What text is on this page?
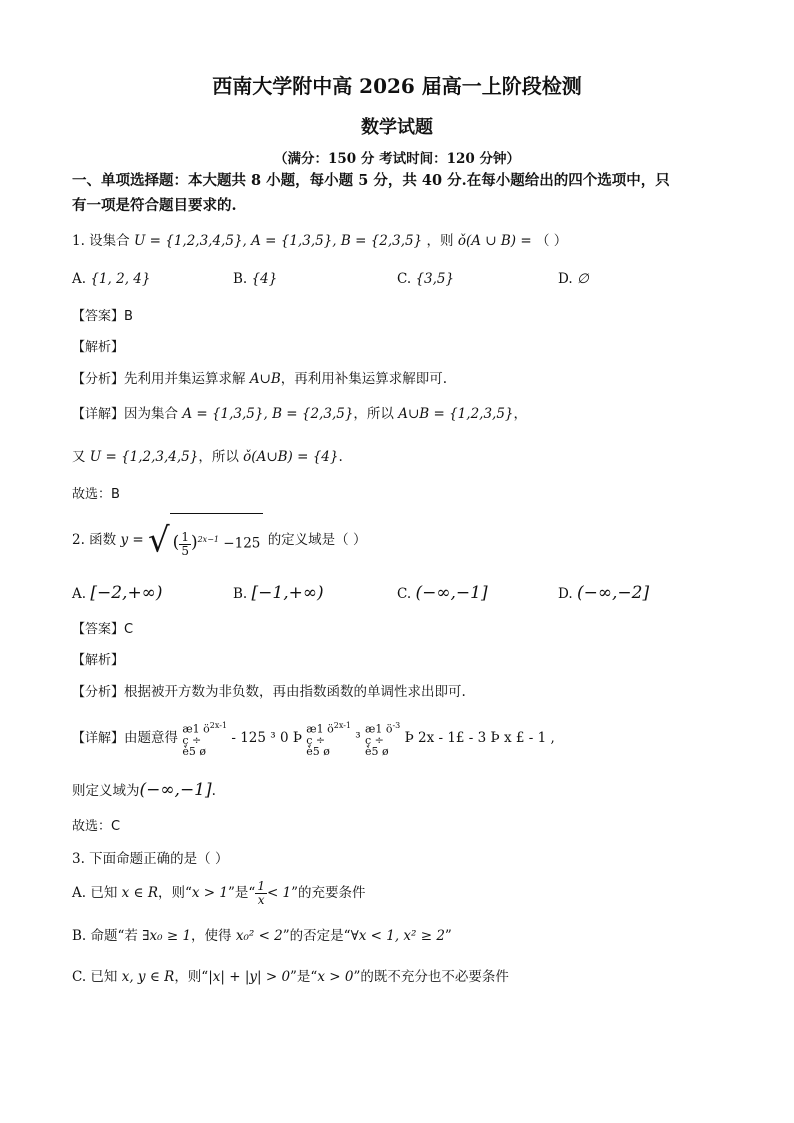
西南大学附中高 2026 届高一上阶段检测
数学试题
（满分：150 分 考试时间：120 分钟）
一、单项选择题：本大题共 8 小题，每小题 5 分，共 40 分.在每小题给出的四个选项中，只
有一项是符合题目要求的.
1. 设集合 U = {1,2,3,4,5}, A = {1,3,5}, B = {2,3,5} ，则 ǒ(A ∪ B) = （ ）
A. {1, 2, 4}	B. {4}	C. {3,5}	D. ∅
【答案】B
【解析】
【分析】先利用并集运算求解 A∪B，再利用补集运算求解即可.
【详解】因为集合 A = {1,3,5}, B = {2,3,5}，所以 A∪B = {1,2,3,5}，
又 U = {1,2,3,4,5}，所以 ǒ(A∪B) = {4}.
故选：B
2. 函数 y = √ ( $\frac{1}{5} )^{2x-1} -125$ 的定义域是（ ）
A. [−2,+∞)	B. [−1,+∞)	C. (−∞,−1]	D. (−∞,−2]
【答案】C
【解析】
【分析】根据被开方数为非负数，再由指数函数的单调性求出即可.
【详解】由题意得 æ1 $ö^{2x-1}$
ç ÷
è5 ø - 125 ³ 0 Þ æ1 $ö^{2x-1}$
ç ÷
è5 ø ³ æ1 $ö^{-3}$
ç ÷
è5 ø Þ 2x - 1£ - 3 Þ x £ - 1 ,
则定义域为(−∞,−1].
故选：C
3. 下面命题正确的是（ ）
A. 已知 x ∈ R，则“x > 1”是“ $\frac{1}{x} < 1$”的充要条件
B. 命题“若 ∃x₀ ≥ 1，使得 x₀² < 2”的否定是“∀x < 1, x² ≥ 2”
C. 已知 x, y ∈ R，则“|x| + |y| > 0”是“x > 0”的既不充分也不必要条件
